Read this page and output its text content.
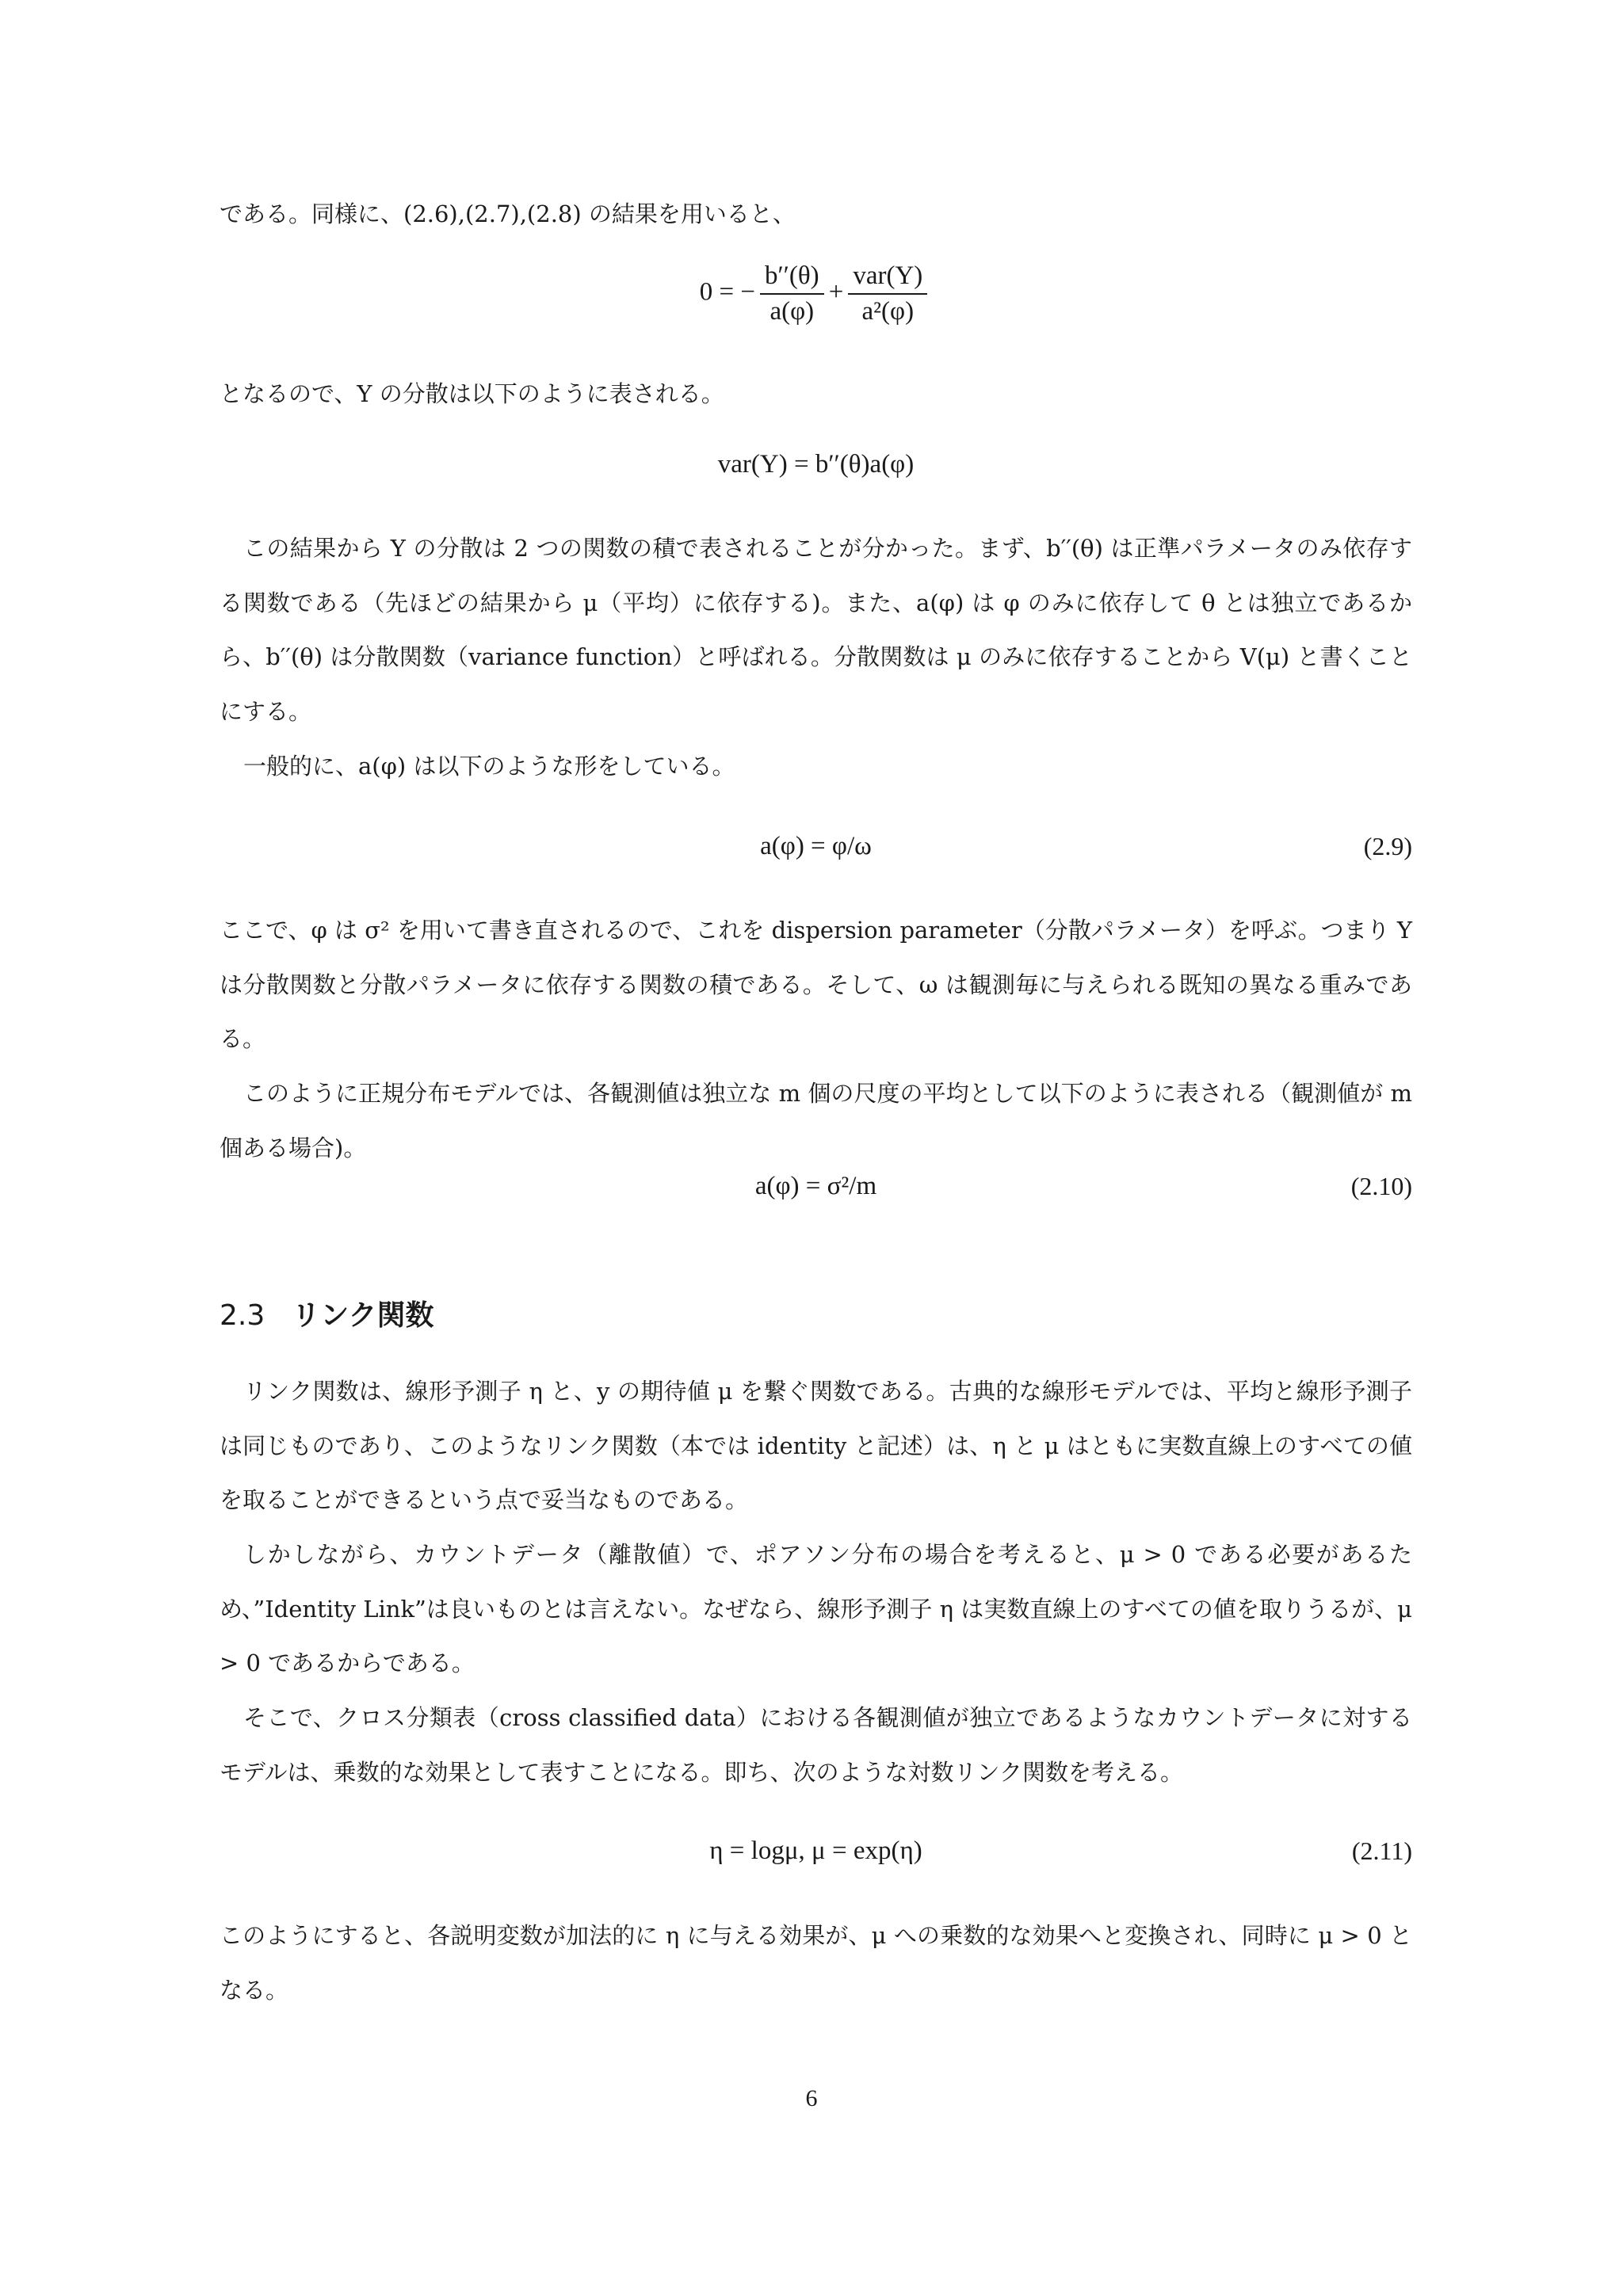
である。同様に、(2.6),(2.7),(2.8) の結果を用いると、

0 = − $\frac{b''(\theta)}{a(\varphi)} + \frac{\text{var(Y)}}{\text{a²(φ)}}$

となるので、Y の分散は以下のように表される。

var(Y) = b′′(θ)a(φ)

この結果から Y の分散は 2 つの関数の積で表されることが分かった。まず、b′′(θ) は正準パラメータのみ依存する関数である（先ほどの結果から μ（平均）に依存する)。また、a(φ) は φ のみに依存して θ とは独立であるから、b′′(θ) は分散関数（variance function）と呼ばれる。分散関数は μ のみに依存することから V(μ) と書くことにする。

一般的に、a(φ) は以下のような形をしている。

a(φ) = φ/ω	(2.9)

ここで、φ は σ² を用いて書き直されるので、これを dispersion parameter（分散パラメータ）を呼ぶ。つまり Y は分散関数と分散パラメータに依存する関数の積である。そして、ω は観測毎に与えられる既知の異なる重みである。

このように正規分布モデルでは、各観測値は独立な m 個の尺度の平均として以下のように表される（観測値が m 個ある場合)。

a(φ) = σ²/m	(2.10)
2.3 リンク関数

リンク関数は、線形予測子 η と、y の期待値 μ を繋ぐ関数である。古典的な線形モデルでは、平均と線形予測子は同じものであり、このようなリンク関数（本では identity と記述）は、η と μ はともに実数直線上のすべての値を取ることができるという点で妥当なものである。

しかしながら、カウントデータ（離散値）で、ポアソン分布の場合を考えると、μ > 0 である必要があるため、”Identity Link”は良いものとは言えない。なぜなら、線形予測子 η は実数直線上のすべての値を取りうるが、μ > 0 であるからである。

そこで、クロス分類表（cross classified data）における各観測値が独立であるようなカウントデータに対するモデルは、乗数的な効果として表すことになる。即ち、次のような対数リンク関数を考える。

η = logμ, μ = exp(η)	(2.11)

このようにすると、各説明変数が加法的に η に与える効果が、μ への乗数的な効果へと変換され、同時に μ > 0 となる。

6
